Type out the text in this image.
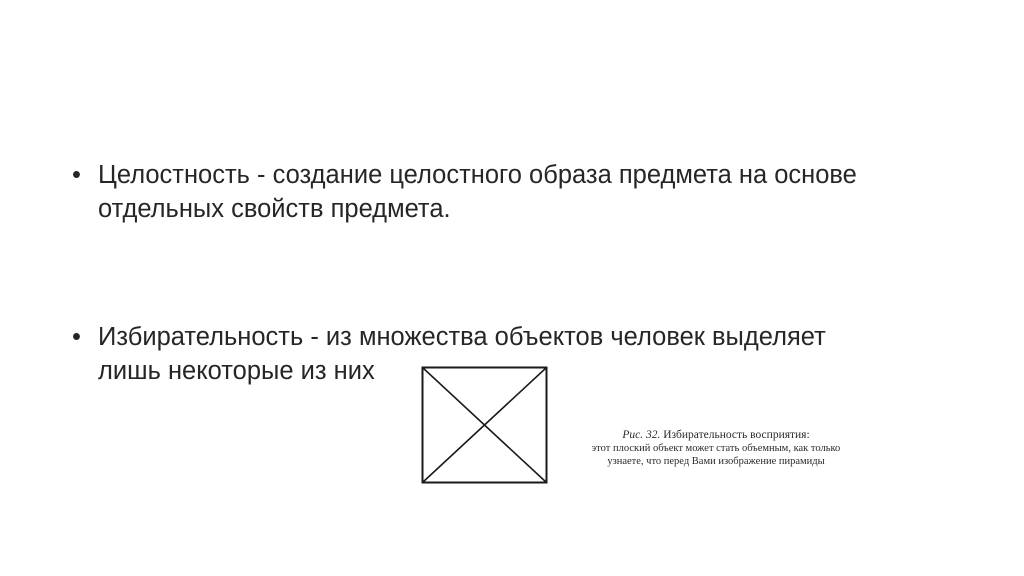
• Целостность - создание целостного образа предмета на основе
отдельных свойств предмета.
• Избирательность - из множества объектов человек выделяет
лишь некоторые из них
Рис. 32. Избирательность восприятия:
этот плоский объект может стать объемным, как только
узнаете, что перед Вами изображение пирамиды
